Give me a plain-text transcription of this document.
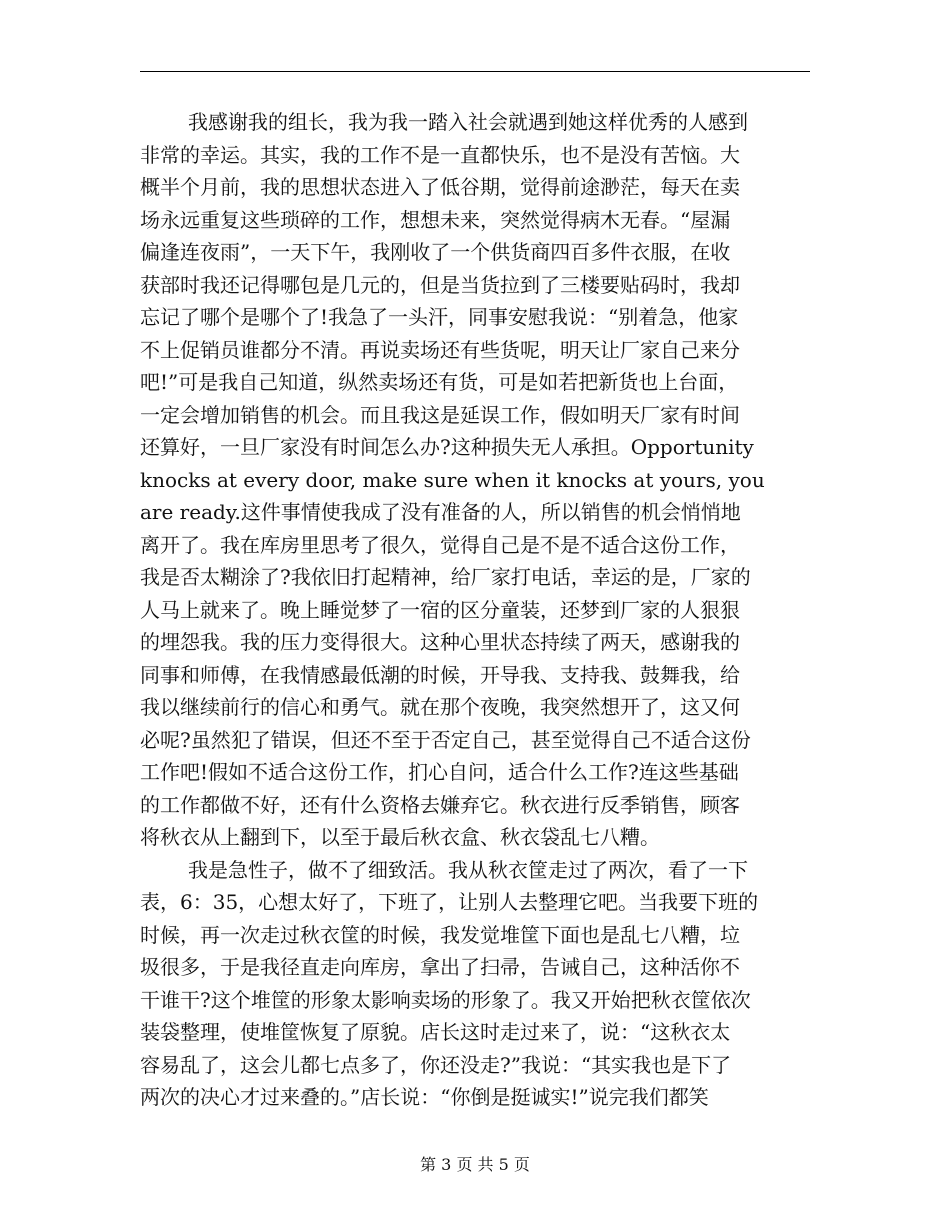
我感谢我的组长，我为我一踏入社会就遇到她这样优秀的人感到
非常的幸运。其实，我的工作不是一直都快乐，也不是没有苦恼。大
概半个月前，我的思想状态进入了低谷期，觉得前途渺茫，每天在卖
场永远重复这些琐碎的工作，想想未来，突然觉得病木无春。“屋漏
偏逢连夜雨”，一天下午，我刚收了一个供货商四百多件衣服，在收
获部时我还记得哪包是几元的，但是当货拉到了三楼要贴码时，我却
忘记了哪个是哪个了!我急了一头汗，同事安慰我说：“别着急，他家
不上促销员谁都分不清。再说卖场还有些货呢，明天让厂家自己来分
吧!”可是我自己知道，纵然卖场还有货，可是如若把新货也上台面，
一定会增加销售的机会。而且我这是延误工作，假如明天厂家有时间
还算好，一旦厂家没有时间怎么办?这种损失无人承担。Opportunity
knocks at every door, make sure when it knocks at yours, you
are ready.这件事情使我成了没有准备的人，所以销售的机会悄悄地
离开了。我在库房里思考了很久，觉得自己是不是不适合这份工作，
我是否太糊涂了?我依旧打起精神，给厂家打电话，幸运的是，厂家的
人马上就来了。晚上睡觉梦了一宿的区分童装，还梦到厂家的人狠狠
的埋怨我。我的压力变得很大。这种心里状态持续了两天，感谢我的
同事和师傅，在我情感最低潮的时候，开导我、支持我、鼓舞我，给
我以继续前行的信心和勇气。就在那个夜晚，我突然想开了，这又何
必呢?虽然犯了错误，但还不至于否定自己，甚至觉得自己不适合这份
工作吧!假如不适合这份工作，扪心自问，适合什么工作?连这些基础
的工作都做不好，还有什么资格去嫌弃它。秋衣进行反季销售，顾客
将秋衣从上翻到下，以至于最后秋衣盒、秋衣袋乱七八糟。
我是急性子，做不了细致活。我从秋衣筐走过了两次，看了一下
表，6：35，心想太好了，下班了，让别人去整理它吧。当我要下班的
时候，再一次走过秋衣筐的时候，我发觉堆筐下面也是乱七八糟，垃
圾很多，于是我径直走向库房，拿出了扫帚，告诫自己，这种活你不
干谁干?这个堆筐的形象太影响卖场的形象了。我又开始把秋衣筐依次
装袋整理，使堆筐恢复了原貌。店长这时走过来了，说：“这秋衣太
容易乱了，这会儿都七点多了，你还没走?”我说：“其实我也是下了
两次的决心才过来叠的。”店长说：“你倒是挺诚实!”说完我们都笑
第 3 页 共 5 页
